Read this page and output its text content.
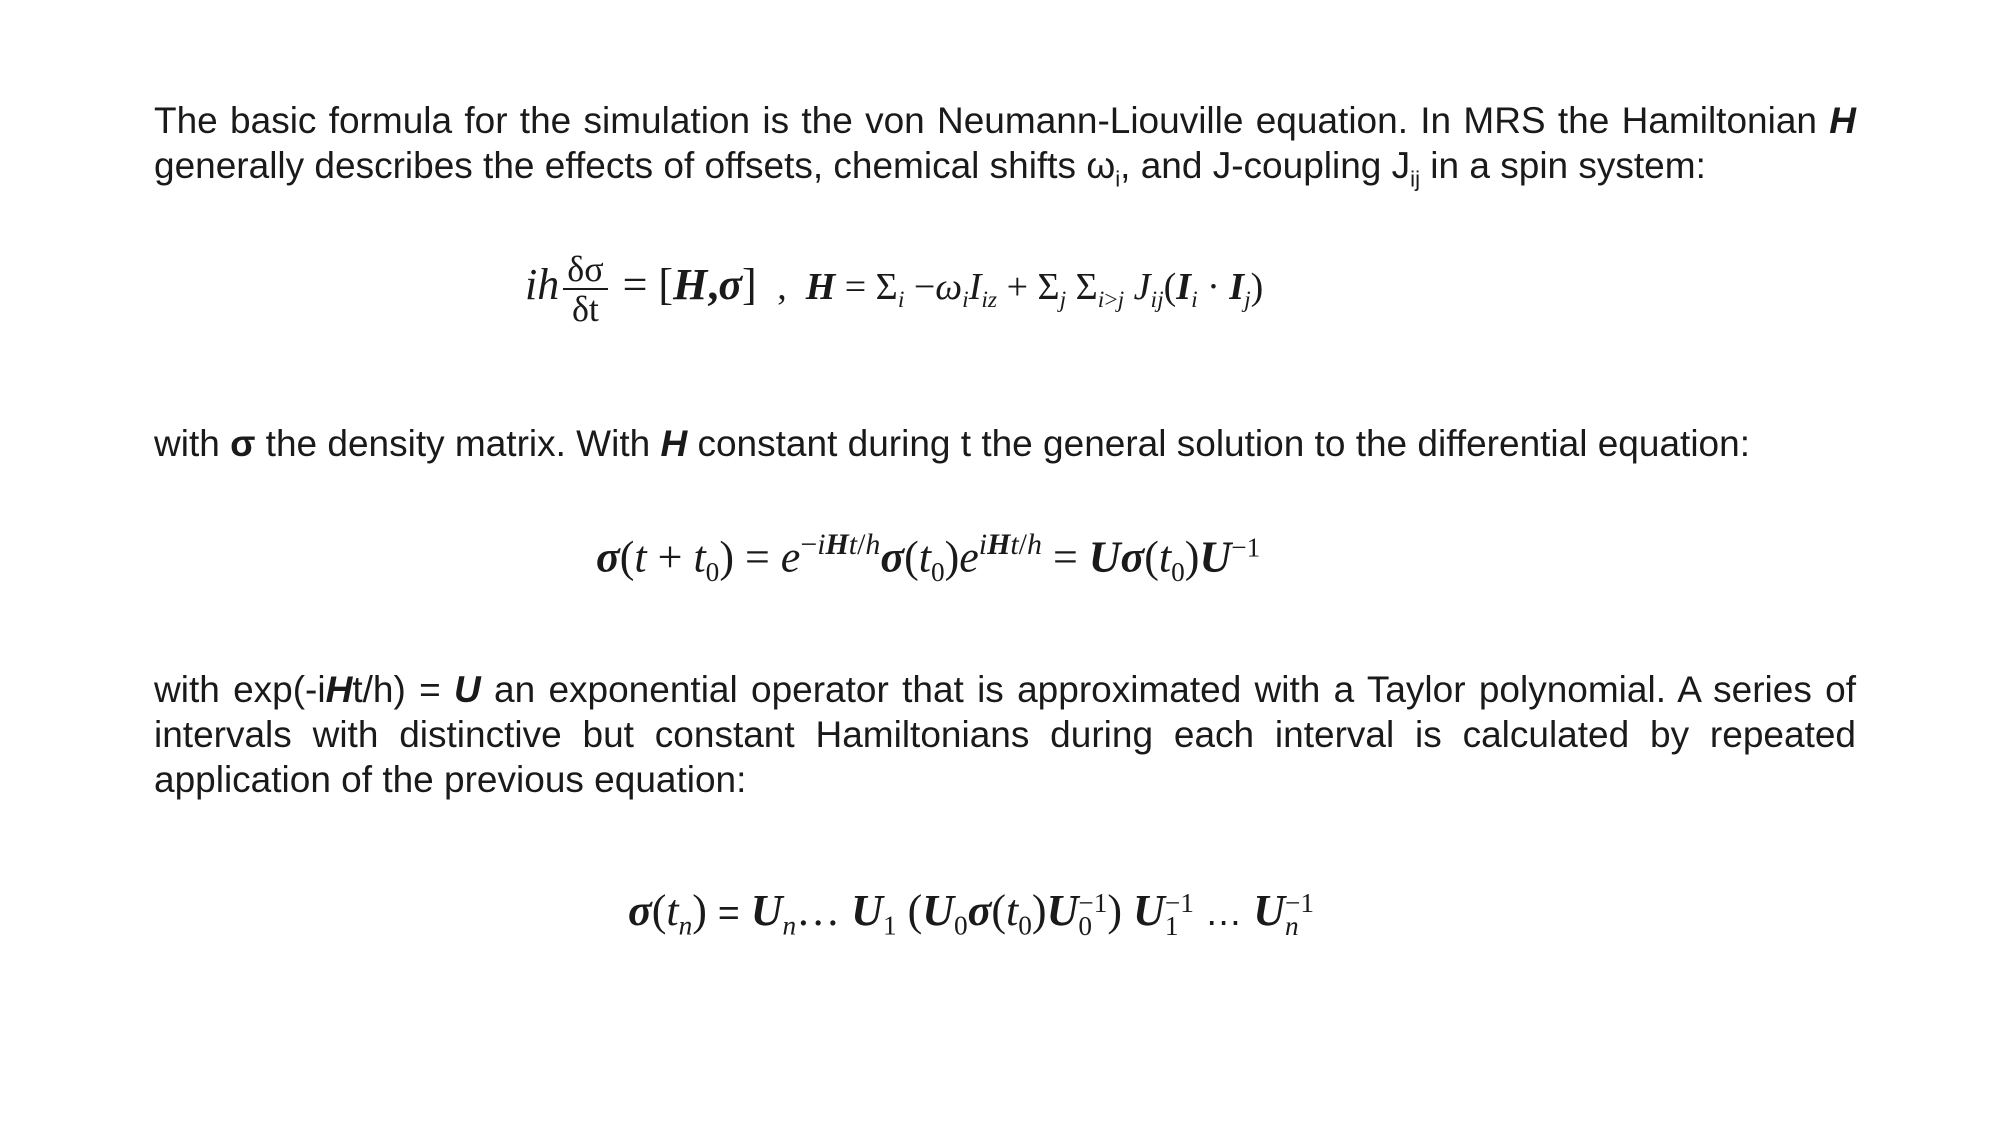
The basic formula for the simulation is the von Neumann-Liouville equation. In MRS the Hamiltonian H generally describes the effects of offsets, chemical shifts $\omega_i$, and J-coupling $J_{ij}$ in a spin system:
ih $\frac{\delta\sigma}{\delta t} = [H,\sigma]$  ,  $H = \Sigma_i -\omega_iI_{iz} + \Sigma_j$ $\Sigma_{i>j}$ $J_{ij}(I_i \cdot I_j)$
with σ the density matrix. With H constant during t the general solution to the differential equation:
$\sigma(t + t_0) = e^{-iHt/h}\sigma(t_0)e^{iHt/h} = U\sigma(t_0)U^{-1}$
with exp(-iHt/h) = U an exponential operator that is approximated with a Taylor polynomial. A series of intervals with distinctive but constant Hamiltonians during each interval is calculated by repeated application of the previous equation:
$\sigma(t_n)$ = $U_n\dots$ $U_1$ ($U_0\sigma(t_0)U -1$
0 ) U −1
1 … U −1
n
